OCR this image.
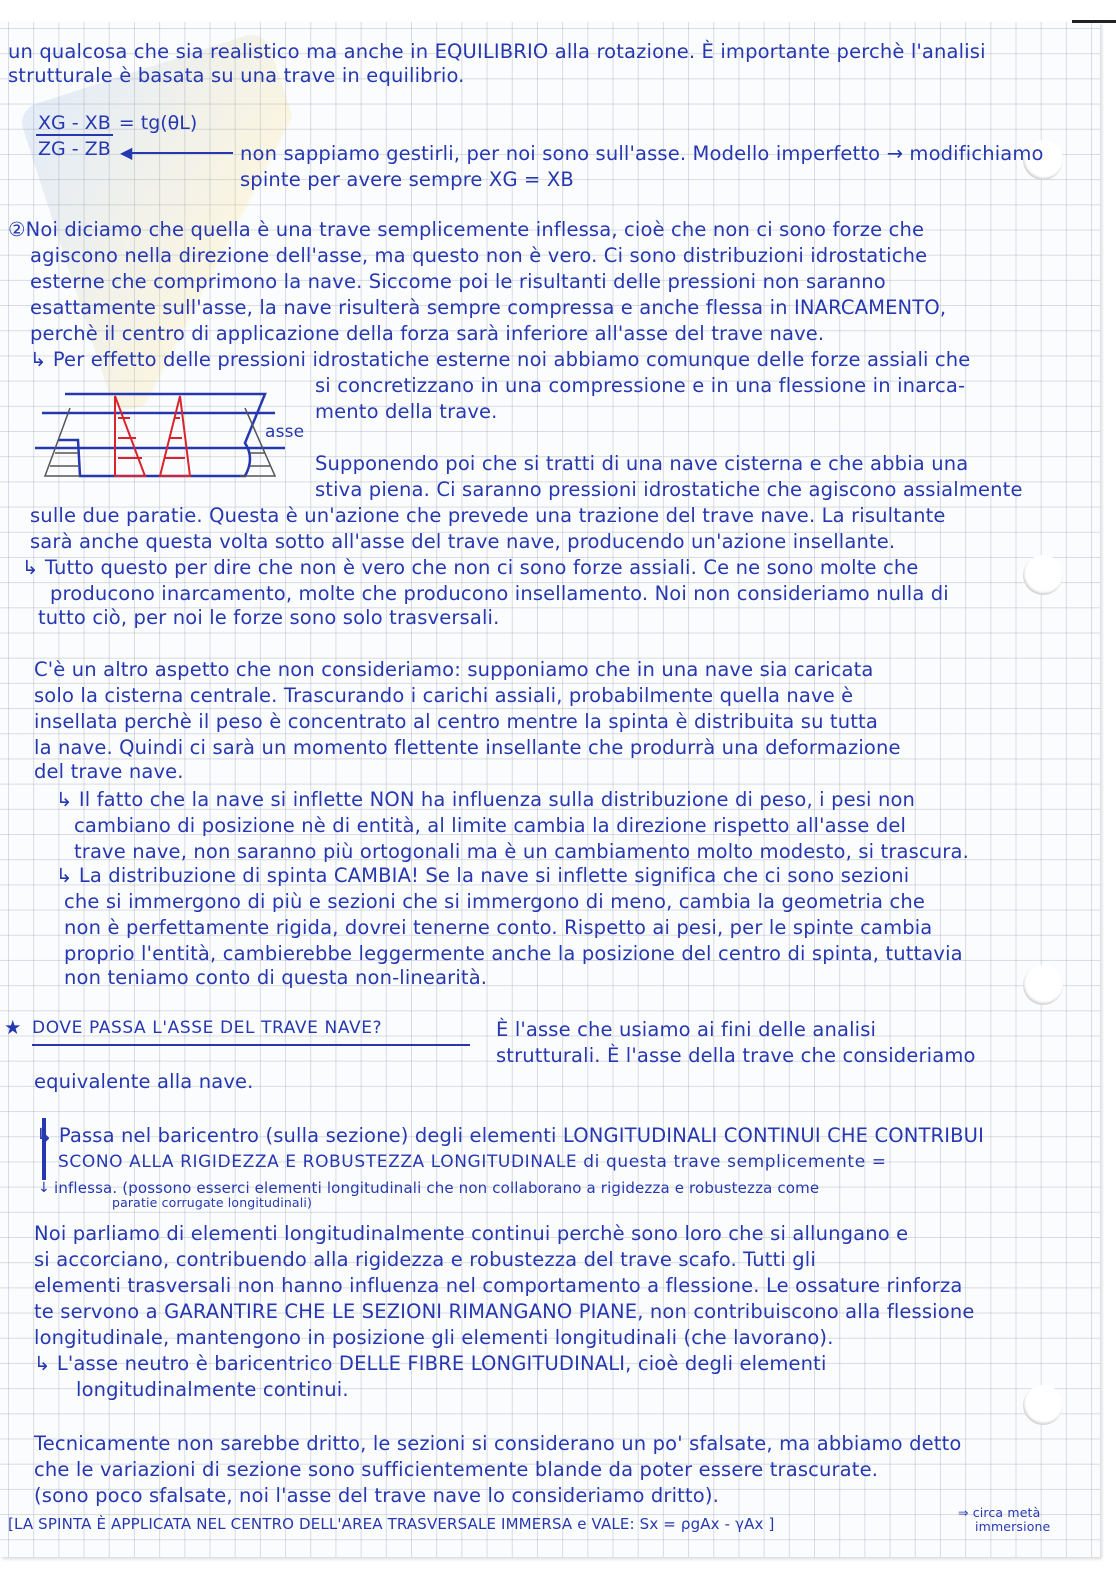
un qualcosa che sia realistico ma anche in EQUILIBRIO alla rotazione. È importante perchè l'analisi
strutturale è basata su una trave in equilibrio.
XG - XB = tg(θL)
ZG - ZB ◀	non sappiamo gestirli, per noi sono sull'asse. Modello imperfetto → modifichiamo
spinte per avere sempre XG = XB
②Noi diciamo che quella è una trave semplicemente inflessa, cioè che non ci sono forze che
agiscono nella direzione dell'asse, ma questo non è vero. Ci sono distribuzioni idrostatiche
esterne che comprimono la nave. Siccome poi le risultanti delle pressioni non saranno
esattamente sull'asse, la nave risulterà sempre compressa e anche flessa in INARCAMENTO,
perchè il centro di applicazione della forza sarà inferiore all'asse del trave nave.
↳ Per effetto delle pressioni idrostatiche esterne noi abbiamo comunque delle forze assiali che
si concretizzano in una compressione e in una flessione in inarca-
mento della trave.
asse
Supponendo poi che si tratti di una nave cisterna e che abbia una
stiva piena. Ci saranno pressioni idrostatiche che agiscono assialmente
sulle due paratie. Questa è un'azione che prevede una trazione del trave nave. La risultante
sarà anche questa volta sotto all'asse del trave nave, producendo un'azione insellante.
↳ Tutto questo per dire che non è vero che non ci sono forze assiali. Ce ne sono molte che
producono inarcamento, molte che producono insellamento. Noi non consideriamo nulla di
tutto ciò, per noi le forze sono solo trasversali.
C'è un altro aspetto che non consideriamo: supponiamo che in una nave sia caricata
solo la cisterna centrale. Trascurando i carichi assiali, probabilmente quella nave è
insellata perchè il peso è concentrato al centro mentre la spinta è distribuita su tutta
la nave. Quindi ci sarà un momento flettente insellante che produrrà una deformazione
del trave nave.
↳ Il fatto che la nave si inflette NON ha influenza sulla distribuzione di peso, i pesi non
cambiano di posizione nè di entità, al limite cambia la direzione rispetto all'asse del
trave nave, non saranno più ortogonali ma è un cambiamento molto modesto, si trascura.
↳ La distribuzione di spinta CAMBIA! Se la nave si inflette significa che ci sono sezioni
che si immergono di più e sezioni che si immergono di meno, cambia la geometria che
non è perfettamente rigida, dovrei tenerne conto. Rispetto ai pesi, per le spinte cambia
proprio l'entità, cambierebbe leggermente anche la posizione del centro di spinta, tuttavia
non teniamo conto di questa non-linearità.
★ DOVE PASSA L'ASSE DEL TRAVE NAVE?	È l'asse che usiamo ai fini delle analisi
strutturali. È l'asse della trave che consideriamo
equivalente alla nave.
↓
↳ Passa nel baricentro (sulla sezione) degli elementi LONGITUDINALI CONTINUI CHE CONTRIBUI
SCONO ALLA RIGIDEZZA E ROBUSTEZZA LONGITUDINALE di questa trave semplicemente =
inflessa. (possono esserci elementi longitudinali che non collaborano a rigidezza e robustezza come
paratie corrugate longitudinali)
Noi parliamo di elementi longitudinalmente continui perchè sono loro che si allungano e
si accorciano, contribuendo alla rigidezza e robustezza del trave scafo. Tutti gli
elementi trasversali non hanno influenza nel comportamento a flessione. Le ossature rinforza
te servono a GARANTIRE CHE LE SEZIONI RIMANGANO PIANE, non contribuiscono alla flessione
longitudinale, mantengono in posizione gli elementi longitudinali (che lavorano).
↳ L'asse neutro è baricentrico DELLE FIBRE LONGITUDINALI, cioè degli elementi
longitudinalmente continui.
Tecnicamente non sarebbe dritto, le sezioni si considerano un po' sfalsate, ma abbiamo detto
che le variazioni di sezione sono sufficientemente blande da poter essere trascurate.
(sono poco sfalsate, noi l'asse del trave nave lo consideriamo dritto).
[LA SPINTA È APPLICATA NEL CENTRO DELL'AREA TRASVERSALE IMMERSA e VALE: Sx = ρgAx - γAx ]
⇒ circa metà
immersione
